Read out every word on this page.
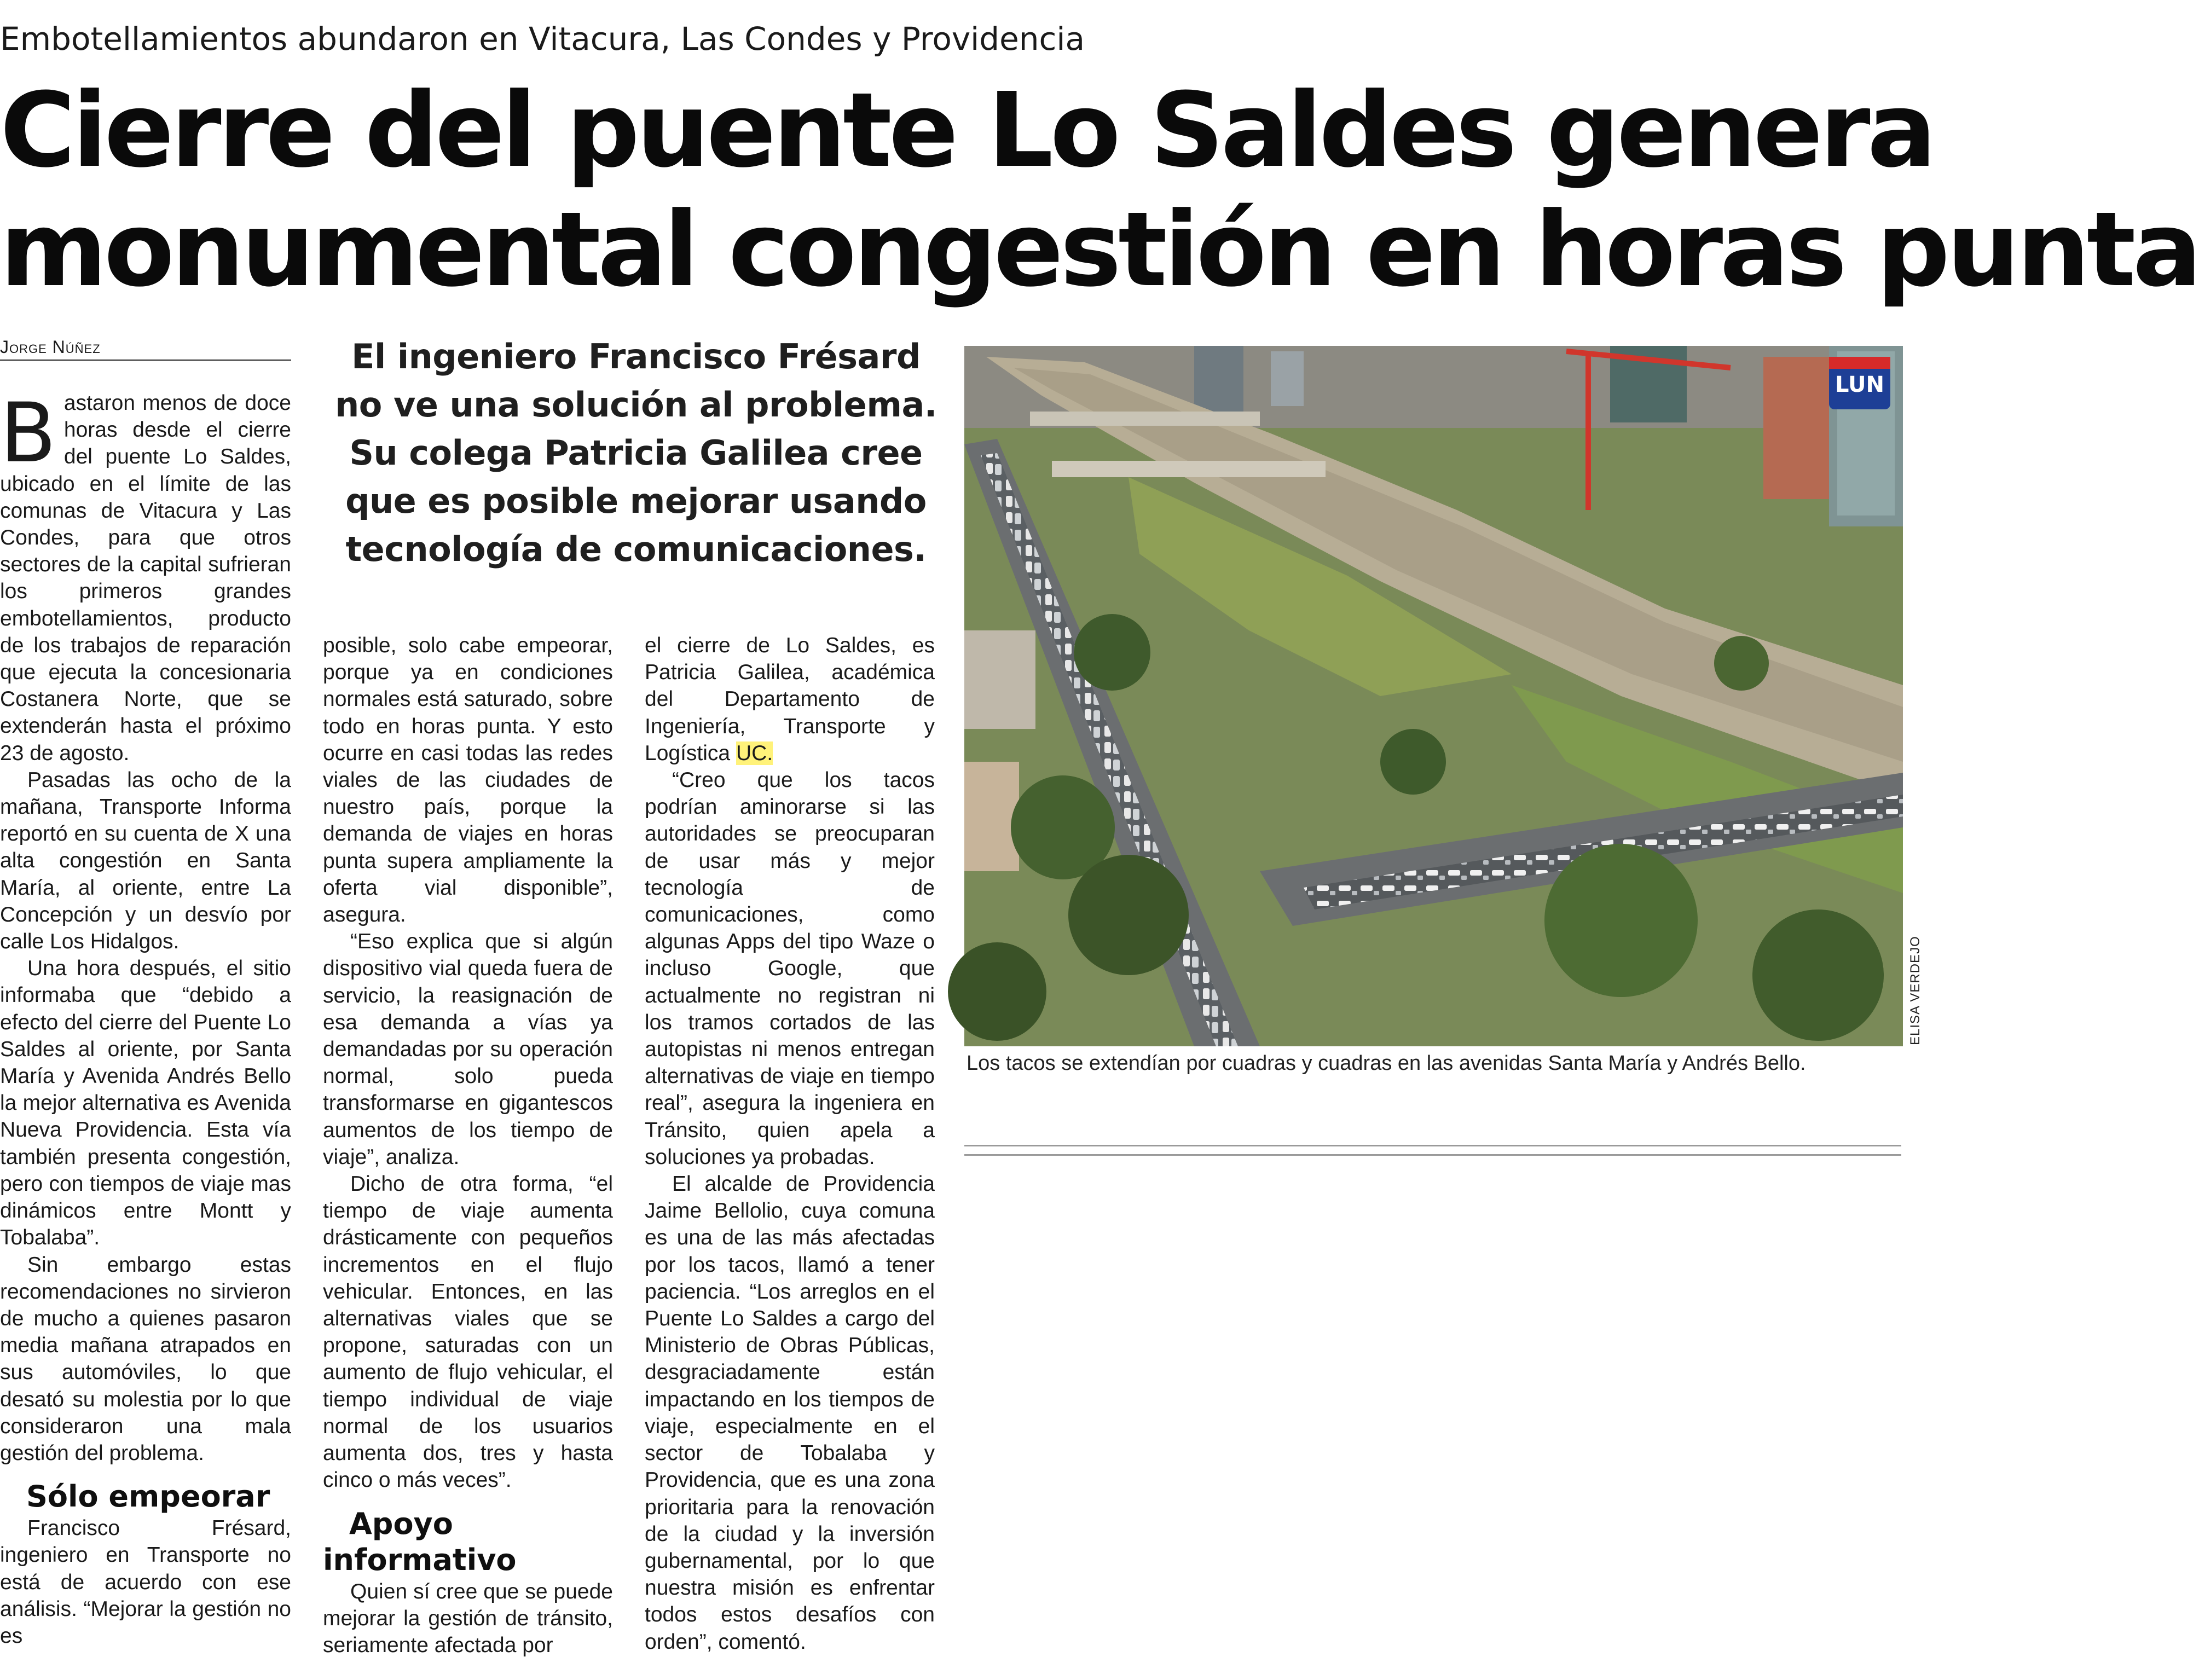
Embotellamientos abundaron en Vitacura, Las Condes y Providencia
Cierre del puente Lo Saldes genera
monumental congestión en horas punta
Jorge Núñez	El ingeniero Francisco Frésard no ve una solución al problema. Su colega Patricia Galilea cree que es posible mejorar usando tecnología de comunicaciones.

Bastaron menos de doce horas desde el cierre del puente Lo Saldes, ubicado en el límite de las comunas de Vitacura y Las Condes, para que otros sectores de la capital sufrieran los primeros grandes embotellamientos, producto de los trabajos de reparación que ejecuta la concesionaria Costanera Norte, que se extenderán hasta el próximo 23 de agosto.

Pasadas las ocho de la mañana, Transporte Informa reportó en su cuenta de X una alta congestión en Santa María, al oriente, entre La Concepción y un desvío por calle Los Hidalgos.

Una hora después, el sitio informaba que “debido a efecto del cierre del Puente Lo Saldes al oriente, por Santa María y Avenida Andrés Bello la mejor alternativa es Avenida Nueva Providencia. Esta vía también presenta congestión, pero con tiempos de viaje mas dinámicos entre Montt y Tobalaba”.

Sin embargo estas recomendaciones no sirvieron de mucho a quienes pasaron media mañana atrapados en sus automóviles, lo que desató su molestia por lo que consideraron una mala gestión del problema.

Sólo empeorar

Francisco Frésard, ingeniero en Transporte no está de acuerdo con ese análisis. “Mejorar la gestión no es

posible, solo cabe empeorar, porque ya en condiciones normales está saturado, sobre todo en horas punta. Y esto ocurre en casi todas las redes viales de las ciudades de nuestro país, porque la demanda de viajes en horas punta supera ampliamente la oferta vial disponible”, asegura.

“Eso explica que si algún dispositivo vial queda fuera de servicio, la reasignación de esa demanda a vías ya demandadas por su operación normal, solo pueda transformarse en gigantescos aumentos de los tiempo de viaje”, analiza.

Dicho de otra forma, “el tiempo de viaje aumenta drásticamente con pequeños incrementos en el flujo vehicular. Entonces, en las alternativas viales que se propone, saturadas con un aumento de flujo vehicular, el tiempo individual de viaje normal de los usuarios aumenta dos, tres y hasta cinco o más veces”.

Apoyo informativo

Quien sí cree que se puede mejorar la gestión de tránsito, seriamente afectada por

el cierre de Lo Saldes, es Patricia Galilea, académica del Departamento de Ingeniería, Transporte y Logística UC.

“Creo que los tacos podrían aminorarse si las autoridades se preocuparan de usar más y mejor tecnología de comunicaciones, como algunas Apps del tipo Waze o incluso Google, que actualmente no registran ni los tramos cortados de las autopistas ni menos entregan alternativas de viaje en tiempo real”, asegura la ingeniera en Tránsito, quien apela a soluciones ya probadas.

El alcalde de Providencia Jaime Bellolio, cuya comuna es una de las más afectadas por los tacos, llamó a tener paciencia. “Los arreglos en el Puente Lo Saldes a cargo del Ministerio de Obras Públicas, desgraciadamente están impactando en los tiempos de viaje, especialmente en el sector de Tobalaba y Providencia, que es una zona prioritaria para la renovación de la ciudad y la inversión gubernamental, por lo que nuestra misión es enfrentar todos estos desafíos con orden”, comentó.

LUN
ELISA VERDEJO
Los tacos se extendían por cuadras y cuadras en las avenidas Santa María y Andrés Bello.
